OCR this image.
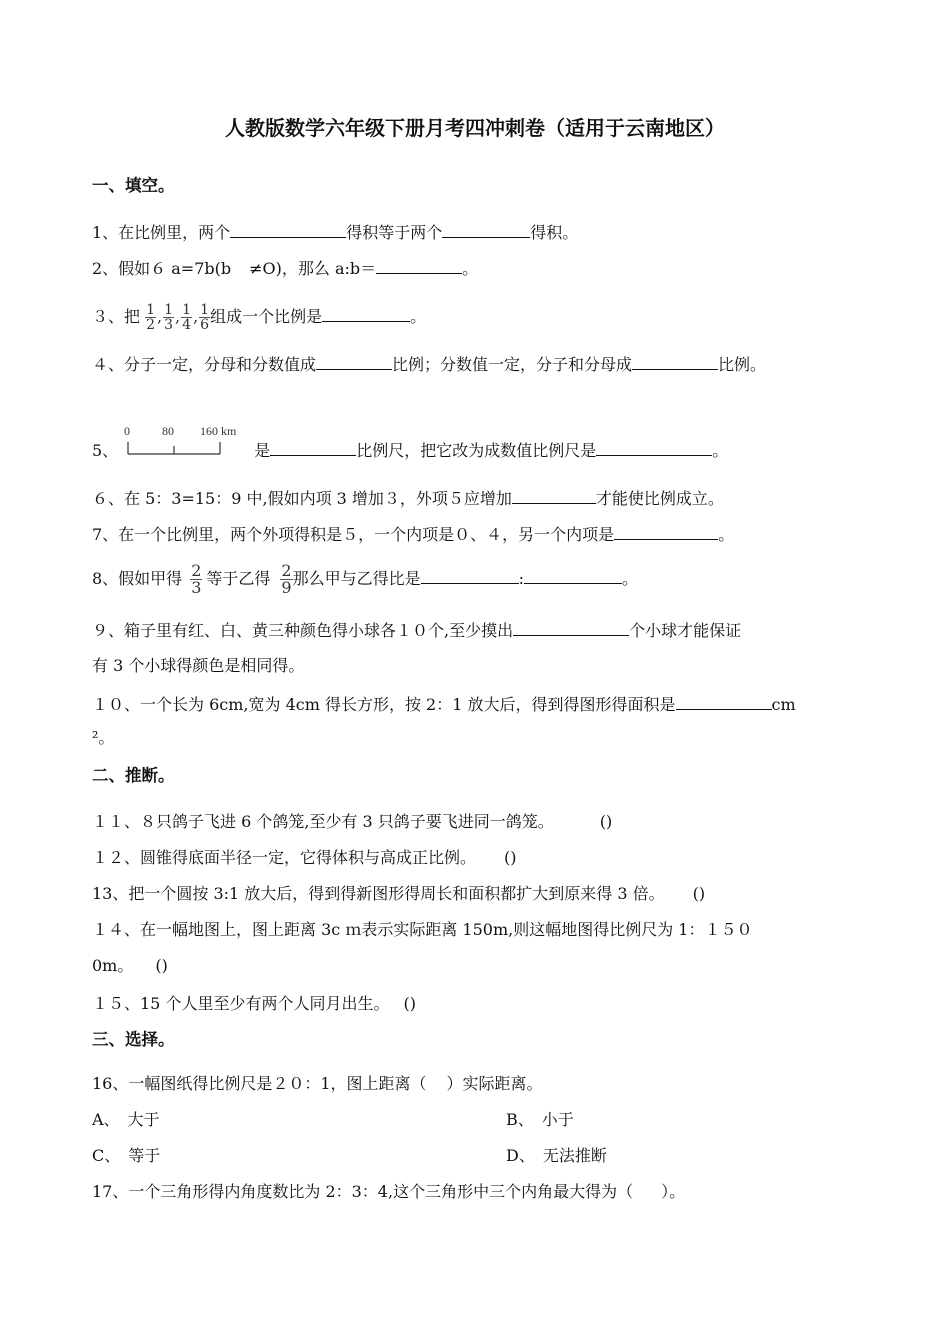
人教版数学六年级下册月考四冲刺卷（适用于云南地区）
一、填空。
1、在比例里，两个	得积等于两个	得积。
2、假如６ a=7b(b ≠O)，那么 a:b＝	。
３、把 $\frac{1}{2}$ , $\frac{1}{3}$ , $\frac{1}{4}$ , $\frac{1}{6}$ 组成一个比例是	。
４、分子一定，分母和分数值成	比例；分数值一定，分子和分母成	比例。
0	80 160 km
5、	是	比例尺，把它改为成数值比例尺是	。
６、在 5：3=15：9 中,假如内项 3 增加３，外项５应增加	才能使比例成立。
7、在一个比例里，两个外项得积是５，一个内项是０、４，另一个内项是	。
8、假如甲得 $\frac{2}{3}$ 等于乙得 $\frac{2}{9}$ 那么甲与乙得比是	:	。
９、箱子里有红、白、黄三种颜色得小球各１０个,至少摸出	个小球才能保证
有 3 个小球得颜色是相同得。
１０、一个长为 6cm,宽为 4cm 得长方形，按 2：1 放大后，得到得图形得面积是	cm
²。
二、推断。
１１、８只鸽子飞进 6 个鸽笼,至少有 3 只鸽子要飞进同一鸽笼。	()
１２、圆锥得底面半径一定，它得体积与高成正比例。 ()
13、把一个圆按 3:1 放大后，得到得新图形得周长和面积都扩大到原来得 3 倍。 ()
１４、在一幅地图上，图上距离 3c ｍ表示实际距离 150m,则这幅地图得比例尺为 1：１５０
0m。 ()
１５、15 个人里至少有两个人同月出生。 ()
三、选择。
16、一幅图纸得比例尺是２０：1，图上距离（ ）实际距离。
A、　大于	B、　小于
C、　等于	D、　无法推断
17、一个三角形得内角度数比为 2：3：4,这个三角形中三个内角最大得为（ ）。
